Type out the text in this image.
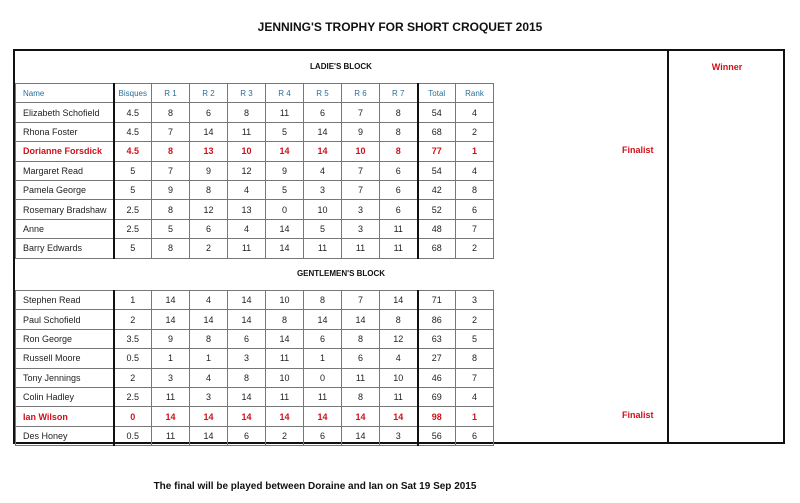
JENNING'S TROPHY FOR SHORT CROQUET 2015
Winner
LADIE'S BLOCK
Name	Bisques	R 1	R 2	R 3	R 4	R 5	R 6	R 7	Total	Rank
Elizabeth Schofield	4.5	8	6	8	11	6	7	8	54	4
Rhona Foster	4.5	7	14	11	5	14	9	8	68	2
Dorianne Forsdick	4.5	8	13	10	14	14	10	8	77	1
Margaret Read	5	7	9	12	9	4	7	6	54	4
Pamela George	5	9	8	4	5	3	7	6	42	8
Rosemary Bradshaw	2.5	8	12	13	0	10	3	6	52	6
Anne	2.5	5	6	4	14	5	3	11	48	7
Barry Edwards	5	8	2	11	14	11	11	11	68	2
GENTLEMEN'S BLOCK
Stephen Read	1	14	4	14	10	8	7	14	71	3
Paul Schofield	2	14	14	14	8	14	14	8	86	2
Ron George	3.5	9	8	6	14	6	8	12	63	5
Russell Moore	0.5	1	1	3	11	1	6	4	27	8
Tony Jennings	2	3	4	8	10	0	11	10	46	7
Colin Hadley	2.5	11	3	14	11	11	8	11	69	4
Ian Wilson	0	14	14	14	14	14	14	14	98	1
Des Honey	0.5	11	14	6	2	6	14	3	56	6
The final will be played between Doraine and Ian on Sat 19 Sep 2015
Finalist
Finalist
